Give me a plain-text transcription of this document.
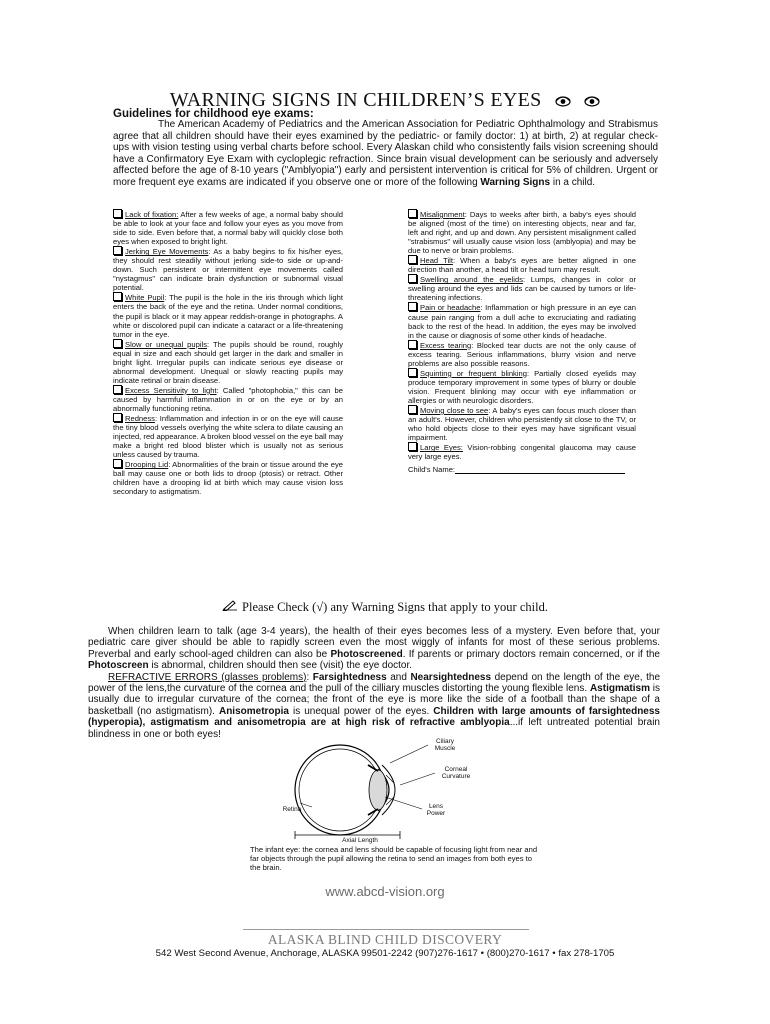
WARNING SIGNS IN CHILDREN’S EYES
Guidelines for childhood eye exams:
The American Academy of Pediatrics and the American Association for Pediatric Ophthalmology and Strabismus agree that all children should have their eyes examined by the pediatric- or family doctor: 1) at birth, 2) at regular check-ups with vision testing using verbal charts before school. Every Alaskan child who consistently fails vision screening should have a Confirmatory Eye Exam with cycloplegic refraction. Since brain visual development can be seriously and adversely affected before the age of 8-10 years ("Amblyopia") early and persistent intervention is critical for 5% of children. Urgent or more frequent eye exams are indicated if you observe one or more of the following Warning Signs in a child.
Lack of fixation: After a few weeks of age, a normal baby should be able to look at your face and follow your eyes as you move from side to side. Even before that, a normal baby will quickly close both eyes when exposed to bright light.
Jerking Eye Movements: As a baby begins to fix his/her eyes, they should rest steadily without jerking side-to side or up-and-down. Such persistent or intermittent eye movements called "nystagmus" can indicate brain dysfunction or subnormal visual potential.
White Pupil: The pupil is the hole in the iris through which light enters the back of the eye and the retina. Under normal conditions, the pupil is black or it may appear reddish-orange in photographs. A white or discolored pupil can indicate a cataract or a life-threatening tumor in the eye.
Slow or unequal pupils: The pupils should be round, roughly equal in size and each should get larger in the dark and smaller in bright light. Irregular pupils can indicate serious eye disease or abnormal development. Unequal or slowly reacting pupils may indicate retinal or brain disease.
Excess Sensitivity to light: Called "photophobia," this can be caused by harmful inflammation in or on the eye or by an abnormally functioning retina.
Redness: Inflammation and infection in or on the eye will cause the tiny blood vessels overlying the white sclera to dilate causing an injected, red appearance. A broken blood vessel on the eye ball may make a bright red blood blister which is usually not as serious unless caused by trauma.
Drooping Lid: Abnormalities of the brain or tissue around the eye ball may cause one or both lids to droop (ptosis) or retract. Other children have a drooping lid at birth which may cause vision loss secondary to astigmatism.
Misalignment: Days to weeks after birth, a baby's eyes should be aligned (most of the time) on interesting objects, near and far, left and right, and up and down. Any persistent misalignment called "strabismus" will usually cause vision loss (amblyopia) and may be due to nerve or brain problems.
Head Tilt: When a baby's eyes are better aligned in one direction than another, a head tilt or head turn may result.
Swelling around the eyelids: Lumps, changes in color or swelling around the eyes and lids can be caused by tumors or life-threatening infections.
Pain or headache: Inflammation or high pressure in an eye can cause pain ranging from a dull ache to excruciating and radiating back to the rest of the head. In addition, the eyes may be involved in the cause or diagnosis of some other kinds of headache.
Excess tearing: Blocked tear ducts are not the only cause of excess tearing. Serious inflammations, blurry vision and nerve problems are also possible reasons.
Squinting or frequent blinking: Partially closed eyelids may produce temporary improvement in some types of blurry or double vision. Frequent blinking may occur with eye inflammation or allergies or with neurologic disorders.
Moving close to see: A baby's eyes can focus much closer than an adult's. However, children who persistently sit close to the TV, or who hold objects close to their eyes may have significant visual impairment.
Large Eyes: Vision-robbing congenital glaucoma may cause very large eyes.
Child's Name:
Please Check (√) any Warning Signs that apply to your child.

When children learn to talk (age 3-4 years), the health of their eyes becomes less of a mystery. Even before that, your pediatric care giver should be able to rapidly screen even the most wiggly of infants for most of these serious problems. Preverbal and early school-aged children can also be Photoscreened. If parents or primary doctors remain concerned, or if the Photoscreen is abnormal, children should then see (visit) the eye doctor.

REFRACTIVE ERRORS (glasses problems): Farsightedness and Nearsightedness depend on the length of the eye, the power of the lens,the curvature of the cornea and the pull of the cilliary muscles distorting the young flexible lens. Astigmatism is usually due to irregular curvature of the cornea; the front of the eye is more like the side of a football than the shape of a basketball (no astigmatism). Anisometropia is unequal power of the eyes. Children with large amounts of farsightedness (hyperopia), astigmatism and anisometropia are at high risk of refractive amblyopia...if left untreated potential brain blindness in one or both eyes!

Ciliary
Muscle
Corneal
Curvature
Lens
Power
Retina
Axial Length
The infant eye: the cornea and lens should be capable of focusing light from near and far objects through the pupil allowing the retina to send an images from both eyes to the brain.
www.abcd-vision.org
ALASKA BLIND CHILD DISCOVERY
542 West Second Avenue, Anchorage, ALASKA 99501-2242 (907)276-1617 • (800)270-1617 • fax 278-1705
